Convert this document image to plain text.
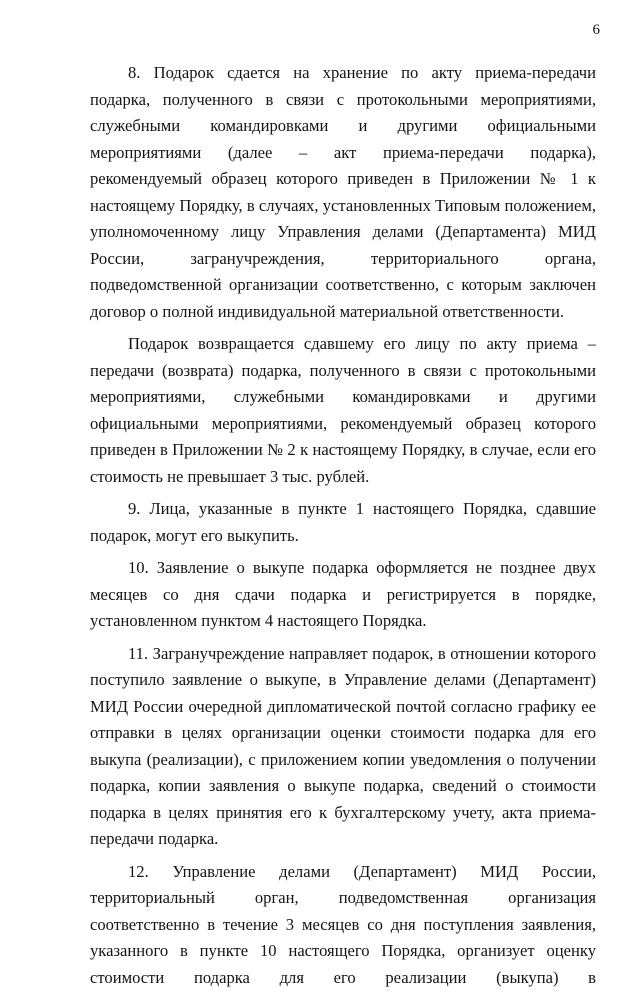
6

8. Подарок сдается на хранение по акту приема-передачи подарка, полученного в связи с протокольными мероприятиями, служебными командировками и другими официальными мероприятиями (далее – акт приема-передачи подарка), рекомендуемый образец которого приведен в Приложении № 1 к настоящему Порядку, в случаях, установленных Типовым положением, уполномоченному лицу Управления делами (Департамента) МИД России, загранучреждения, территориального органа, подведомственной организации соответственно, с которым заключен договор о полной индивидуальной материальной ответственности.

Подарок возвращается сдавшему его лицу по акту приема – передачи (возврата) подарка, полученного в связи с протокольными мероприятиями, служебными командировками и другими официальными мероприятиями, рекомендуемый образец которого приведен в Приложении № 2 к настоящему Порядку, в случае, если его стоимость не превышает 3 тыс. рублей.

9. Лица, указанные в пункте 1 настоящего Порядка, сдавшие подарок, могут его выкупить.

10. Заявление о выкупе подарка оформляется не позднее двух месяцев со дня сдачи подарка и регистрируется в порядке, установленном пунктом 4 настоящего Порядка.

11. Загранучреждение направляет подарок, в отношении которого поступило заявление о выкупе, в Управление делами (Департамент) МИД России очередной дипломатической почтой согласно графику ее отправки в целях организации оценки стоимости подарка для его выкупа (реализации), с приложением копии уведомления о получении подарка, копии заявления о выкупе подарка, сведений о стоимости подарка в целях принятия его к бухгалтерскому учету, акта приема-передачи подарка.

12. Управление делами (Департамент) МИД России, территориальный орган, подведомственная организация соответственно в течение 3 месяцев со дня поступления заявления, указанного в пункте 10 настоящего Порядка, организует оценку стоимости подарка для его реализации (выкупа) в
